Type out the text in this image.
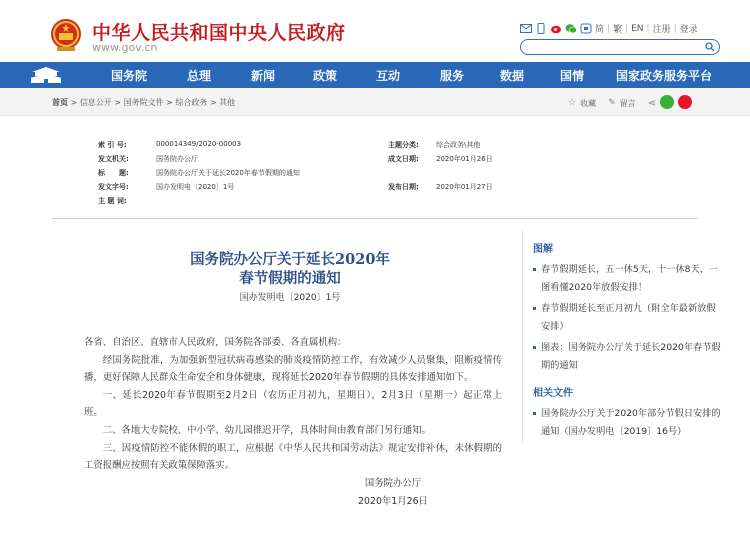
中华人民共和国中央人民政府
www.gov.cn
简 | 繁 | EN | 注册 | 登录
国务院	总理	新闻	政策	互动	服务	数据	国情	国家政务服务平台
首页 > 信息公开 > 国务院文件 > 综合政务 > 其他	☆ 收藏 ✎ 留言 ⋖
索 引 号:	000014349/2020-00003	主题分类: 综合政务\其他
发文机关:	国务院办公厅	成文日期: 2020年01月26日
标　　题:	国务院办公厅关于延长2020年春节假期的通知
发文字号:	国办发明电〔2020〕1号	发布日期: 2020年01月27日
主 题 词:
国务院办公厅关于延长2020年
春节假期的通知
国办发明电〔2020〕1号

各省、自治区、直辖市人民政府，国务院各部委、各直属机构：

经国务院批准，为加强新型冠状病毒感染的肺炎疫情防控工作，有效减少人员聚集，阻断疫情传播，更好保障人民群众生命安全和身体健康，现将延长2020年春节假期的具体安排通知如下。

一、延长2020年春节假期至2月2日（农历正月初九，星期日），2月3日（星期一）起正常上班。

二、各地大专院校、中小学、幼儿园推迟开学，具体时间由教育部门另行通知。

三、因疫情防控不能休假的职工，应根据《中华人民共和国劳动法》规定安排补休，未休假期的工资报酬应按照有关政策保障落实。

国务院办公厅
2020年1月26日
图解
春节假期延长，五一休5天，十一休8天，一图看懂2020年放假安排！
春节假期延长至正月初九（附全年最新放假安排）
图表：国务院办公厅关于延长2020年春节假期的通知
相关文件
国务院办公厅关于2020年部分节假日安排的通知（国办发明电〔2019〕16号）
